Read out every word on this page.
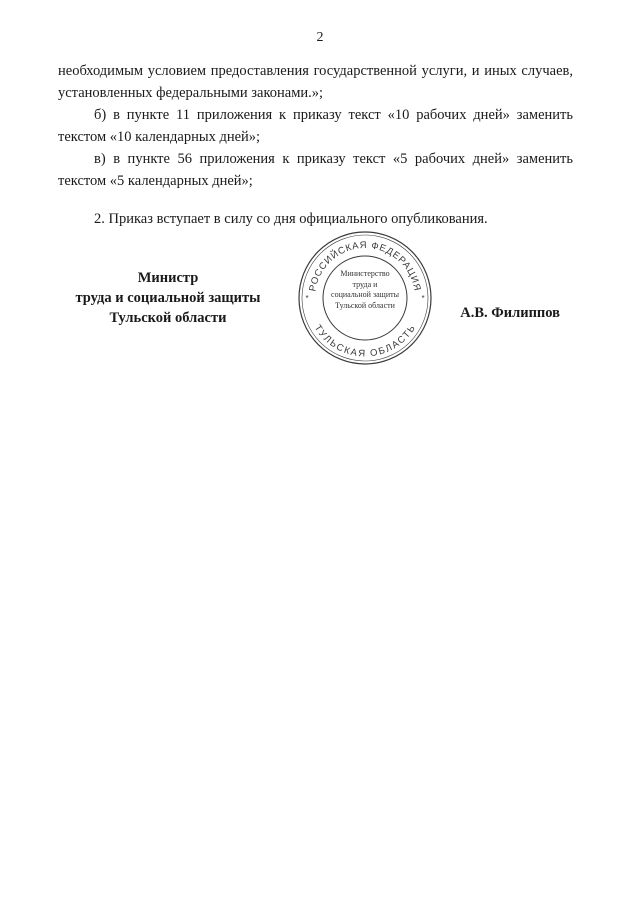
2

необходимым условием предоставления государственной услуги, и иных случаев, установленных федеральными законами.»;

б) в пункте 11 приложения к приказу текст «10 рабочих дней» заменить текстом «10 календарных дней»;

в) в пункте 56 приложения к приказу текст «5 рабочих дней» заменить текстом «5 календарных дней»;

2. Приказ вступает в силу со дня официального опубликования.

Министр
труда и социальной защиты
Тульской области
РОССИЙСКАЯ ФЕДЕРАЦИЯ
ТУЛЬСКАЯ ОБЛАСТЬ
*	*
Министерство
труда и
социальной защиты
Тульской области	А.В. Филиппов
